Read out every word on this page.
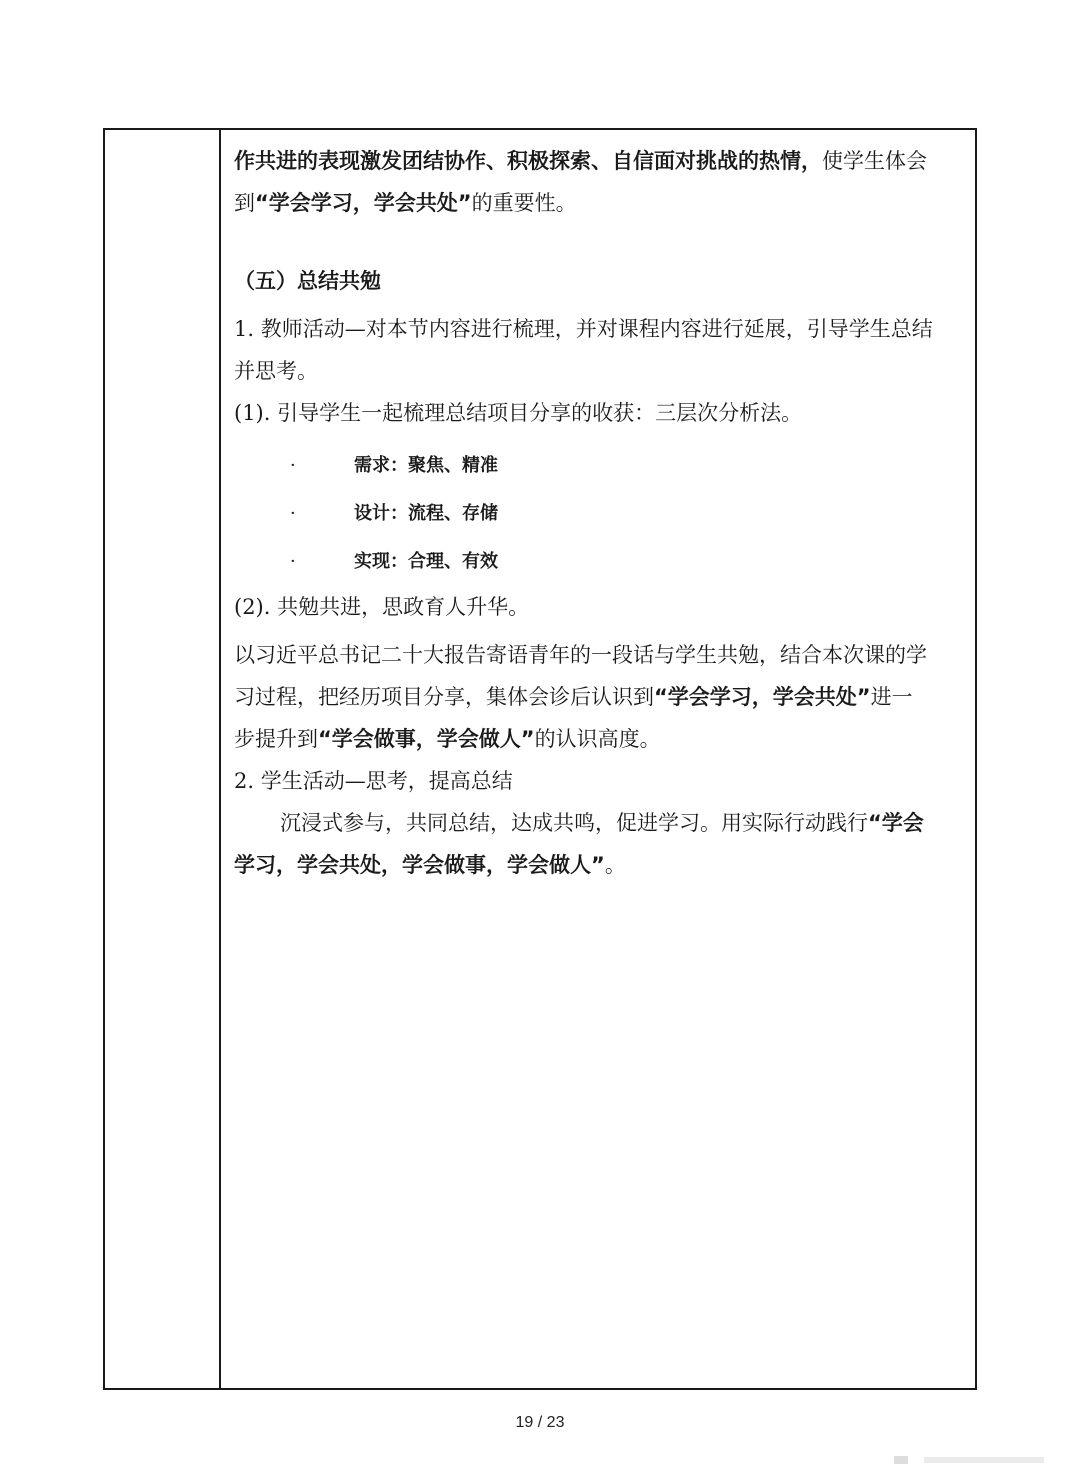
作共进的表现激发团结协作、积极探索、自信面对挑战的热情，使学生体会
到“学会学习，学会共处”的重要性。
（五）总结共勉
1. 教师活动—对本节内容进行梳理，并对课程内容进行延展，引导学生总结
并思考。
(1). 引导学生一起梳理总结项目分享的收获：三层次分析法。
·	需求：聚焦、精准
·	设计：流程、存储
·	实现：合理、有效
(2). 共勉共进，思政育人升华。
以习近平总书记二十大报告寄语青年的一段话与学生共勉，结合本次课的学
习过程，把经历项目分享，集体会诊后认识到“学会学习，学会共处”进一
步提升到“学会做事，学会做人”的认识高度。
2. 学生活动—思考，提高总结
沉浸式参与，共同总结，达成共鸣，促进学习。用实际行动践行“学会
学习，学会共处，学会做事，学会做人”。
19 / 23
